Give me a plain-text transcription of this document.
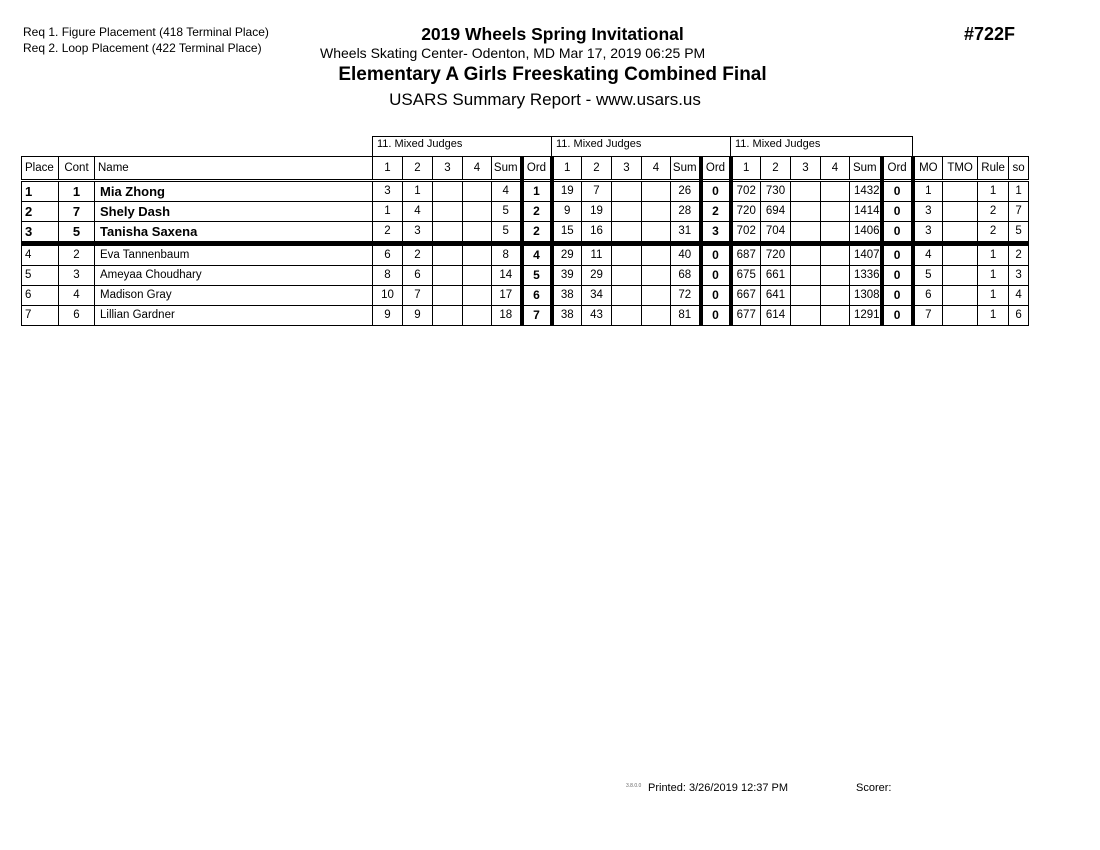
Req 1. Figure Placement (418 Terminal Place)
Req 2. Loop Placement (422 Terminal Place)
2019 Wheels Spring Invitational
Wheels Skating Center- Odenton, MD Mar 17, 2019 06:25 PM
Elementary A Girls Freeskating Combined Final
USARS Summary Report - www.usars.us
#722F
			11. Mixed Judges						11. Mixed Judges						11. Mixed Judges									
Place	Cont	Name	1	2	3	4	Sum	Ord	1	2	3	4	Sum	Ord	1	2	3	4	Sum	Ord	MO	TMO	Rule	so
1	1	Mia Zhong	3	1			4	1	19	7			26	0	702	730			1432	0	1		1	1
2	7	Shely Dash	1	4			5	2	9	19			28	2	720	694			1414	0	3		2	7
3	5	Tanisha Saxena	2	3			5	2	15	16			31	3	702	704			1406	0	3		2	5
4	2	Eva Tannenbaum	6	2			8	4	29	11			40	0	687	720			1407	0	4		1	2
5	3	Ameyaa Choudhary	8	6			14	5	39	29			68	0	675	661			1336	0	5		1	3
6	4	Madison Gray	10	7			17	6	38	34			72	0	667	641			1308	0	6		1	4
7	6	Lillian Gardner	9	9			18	7	38	43			81	0	677	614			1291	0	7		1	6
3.8.0.0 Printed: 3/26/2019 12:37 PM	Scorer:
